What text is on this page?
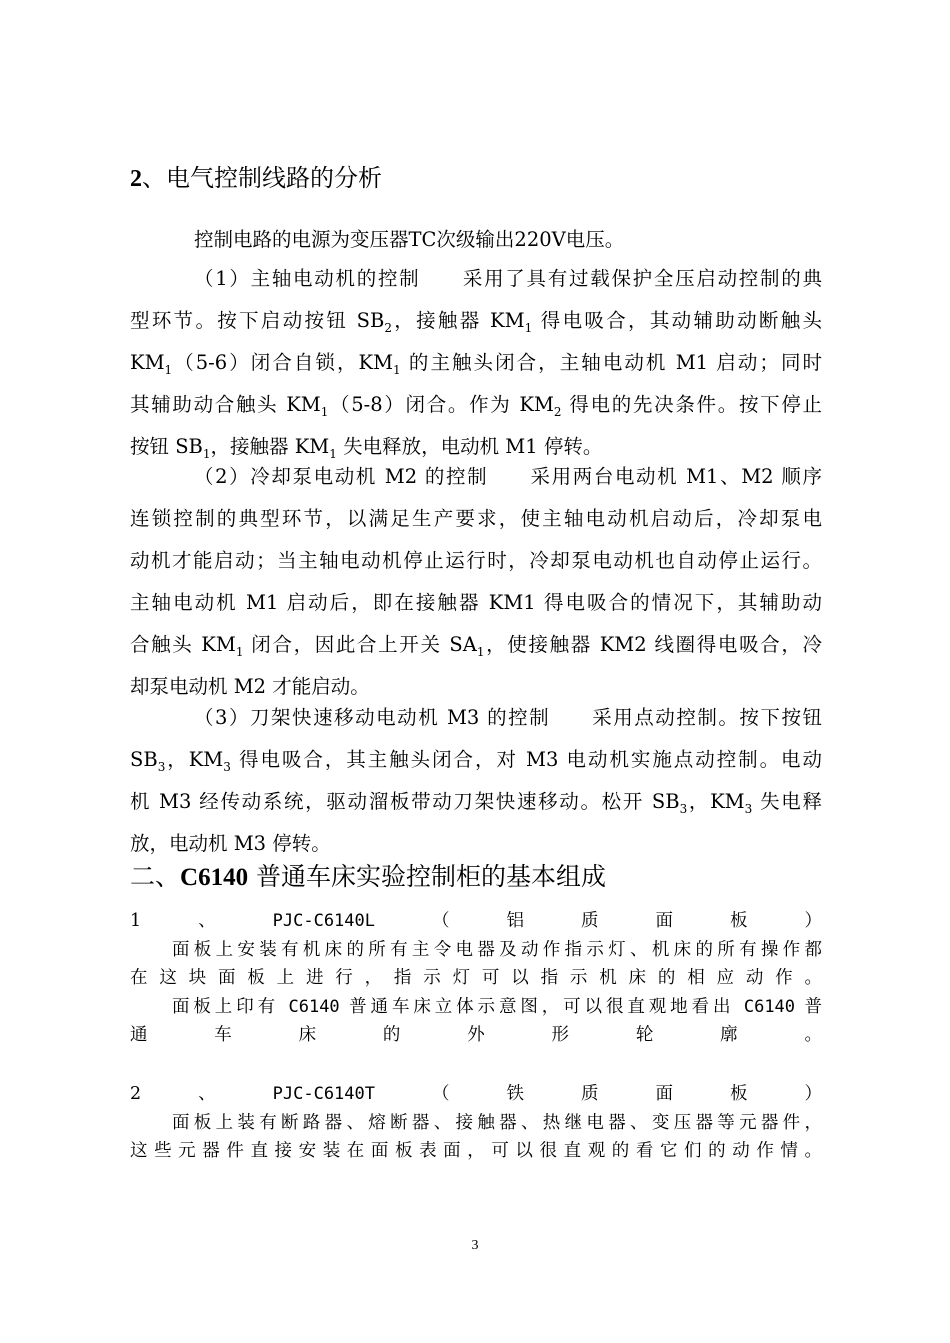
2、电气控制线路的分析
控制电路的电源为变压器TC次级输出220V电压。
（1）主轴电动机的控制　　采用了具有过载保护全压启动控制的典
型环节。按下启动按钮 $SB_2$，接触器 $KM_1$ 得电吸合，其动辅助动断触头
$KM_1(5-6)$闭合自锁，$KM_1$ 的主触头闭合，主轴电动机 M1 启动；同时
其辅助动合触头 $KM_1(5-8)$闭合。作为 $KM_2$ 得电的先决条件。按下停止
按钮 $SB_1$，接触器 $KM_1$ 失电释放，电动机 M1 停转。
（2）冷却泵电动机 M2 的控制　　采用两台电动机 M1、M2 顺序
连锁控制的典型环节，以满足生产要求，使主轴电动机启动后，冷却泵电
动机才能启动；当主轴电动机停止运行时，冷却泵电动机也自动停止运行。
主轴电动机 M1 启动后，即在接触器 KM1 得电吸合的情况下，其辅助动
合触头 $KM_1$ 闭合，因此合上开关 $SA_1$，使接触器 KM2 线圈得电吸合，冷
却泵电动机 M2 才能启动。
（3）刀架快速移动电动机 M3 的控制　　采用点动控制。按下按钮
$SB_3$，$KM_3$ 得电吸合，其主触头闭合，对 M3 电动机实施点动控制。电动
机 M3 经传动系统，驱动溜板带动刀架快速移动。松开 $SB_3$，$KM_3$ 失电释
放，电动机 M3 停转。
二、C6140 普通车床实验控制柜的基本组成
1、PJC-C6140L（铝质面板）
面板上安装有机床的所有主令电器及动作指示灯、机床的所有操作都
在这块面板上进行，指示灯可以指示机床的相应动作。
面板上印有 C6140 普通车床立体示意图，可以很直观地看出 C6140 普
通车床的外形轮廓。
2、PJC-C6140T（铁质面板）
面板上装有断路器、熔断器、接触器、热继电器、变压器等元器件，
这些元器件直接安装在面板表面，可以很直观的看它们的动作情。
3
